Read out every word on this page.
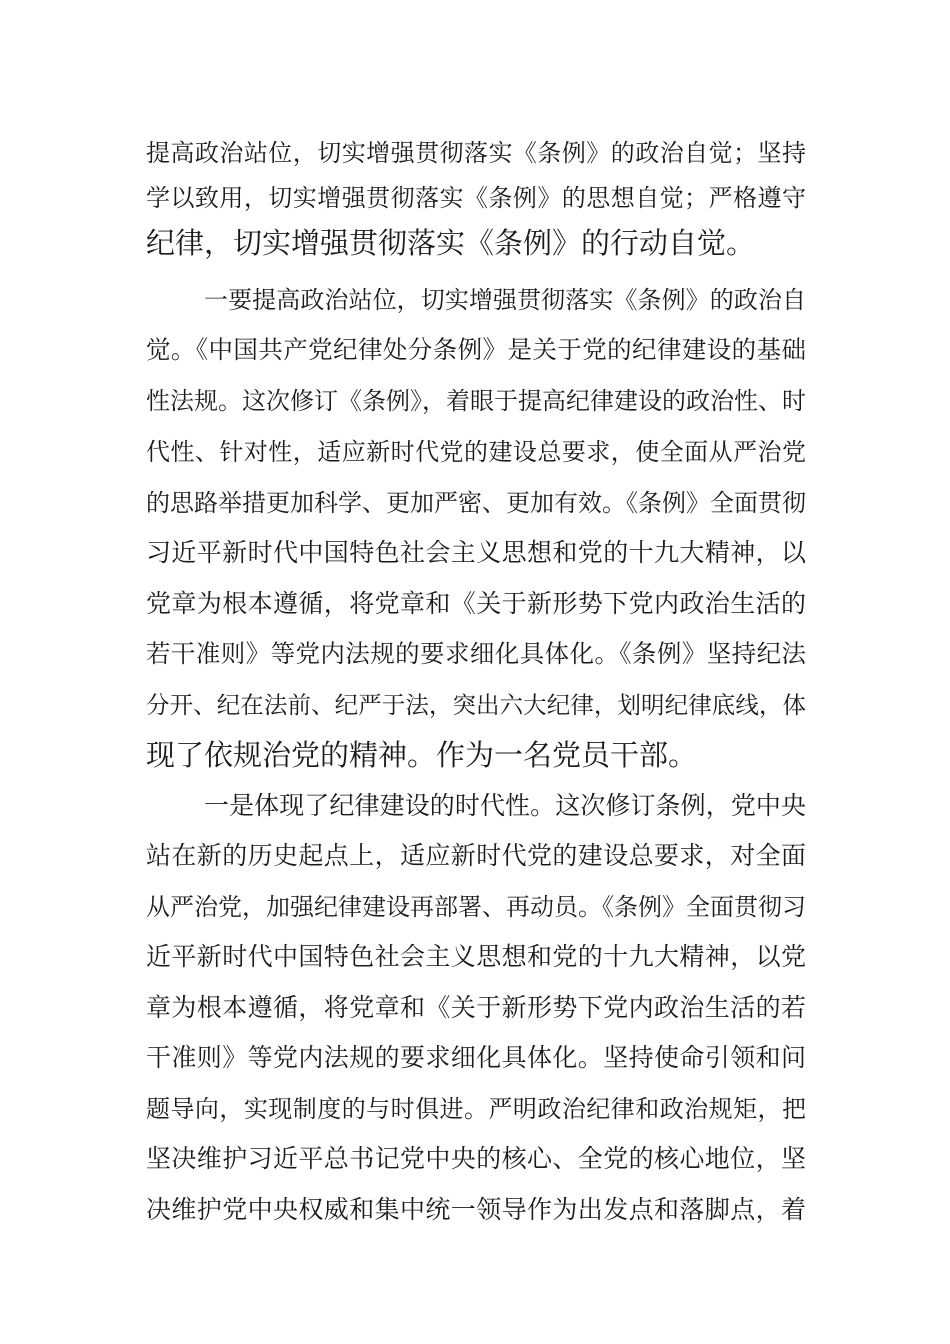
提高政治站位，切实增强贯彻落实《条例》的政治自觉；坚持
学以致用，切实增强贯彻落实《条例》的思想自觉；严格遵守
纪律，切实增强贯彻落实《条例》的行动自觉。
一要提高政治站位，切实增强贯彻落实《条例》的政治自
觉。《中国共产党纪律处分条例》是关于党的纪律建设的基础
性法规。这次修订《条例》，着眼于提高纪律建设的政治性、时
代性、针对性，适应新时代党的建设总要求，使全面从严治党
的思路举措更加科学、更加严密、更加有效。《条例》全面贯彻
习近平新时代中国特色社会主义思想和党的十九大精神，以
党章为根本遵循，将党章和《关于新形势下党内政治生活的
若干准则》等党内法规的要求细化具体化。《条例》坚持纪法
分开、纪在法前、纪严于法，突出六大纪律，划明纪律底线，体
现了依规治党的精神。作为一名党员干部。
一是体现了纪律建设的时代性。这次修订条例，党中央
站在新的历史起点上，适应新时代党的建设总要求，对全面
从严治党，加强纪律建设再部署、再动员。《条例》全面贯彻习
近平新时代中国特色社会主义思想和党的十九大精神，以党
章为根本遵循，将党章和《关于新形势下党内政治生活的若
干准则》等党内法规的要求细化具体化。坚持使命引领和问
题导向，实现制度的与时俱进。严明政治纪律和政治规矩，把
坚决维护习近平总书记党中央的核心、全党的核心地位，坚
决维护党中央权威和集中统一领导作为出发点和落脚点，着
